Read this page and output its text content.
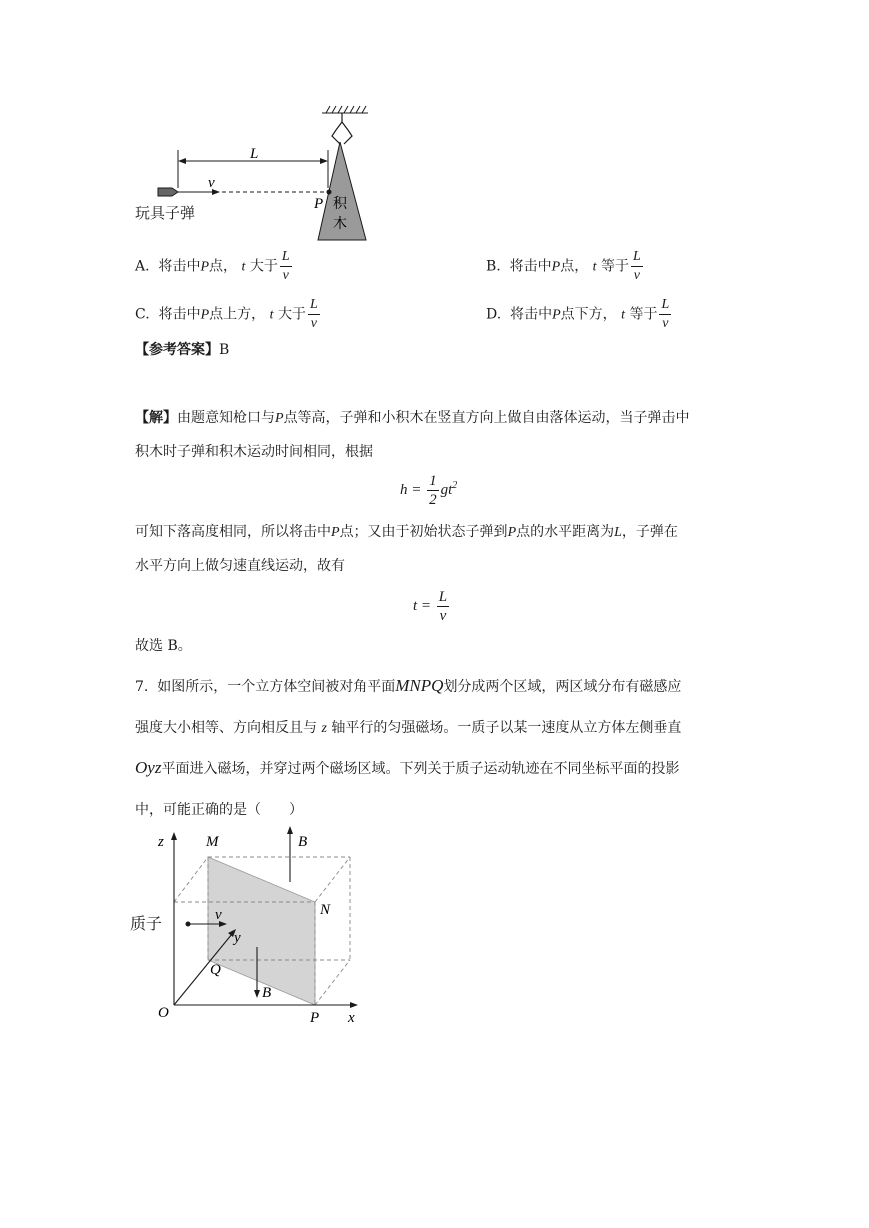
L
v
P 积
木
玩具子弹
A. 将击中P点， t 大于 $\frac{L}{v}$	B. 将击中P点， t 等于 $\frac{L}{v}$
C. 将击中P点上方， t 大于 $\frac{L}{v}$	D. 将击中P点下方， t 等于 $\frac{L}{v}$
【参考答案】B
【解】由题意知枪口与P点等高，子弹和小积木在竖直方向上做自由落体运动，当子弹击中
积木时子弹和积木运动时间相同，根据
$h = \frac{1}{2} gt^2$
可知下落高度相同，所以将击中P点；又由于初始状态子弹到P点的水平距离为L，子弹在
水平方向上做匀速直线运动，故有
$t = \frac{L}{v}$
故选 B。
7. 如图所示，一个立方体空间被对角平面MNPQ划分成两个区域，两区域分布有磁感应
强度大小相等、方向相反且与 z 轴平行的匀强磁场。一质子以某一速度从立方体左侧垂直
Oyz平面进入磁场，并穿过两个磁场区域。下列关于质子运动轨迹在不同坐标平面的投影
中，可能正确的是（　　）
z	M	B
N
v
y
Q
B
O	P x
质子
